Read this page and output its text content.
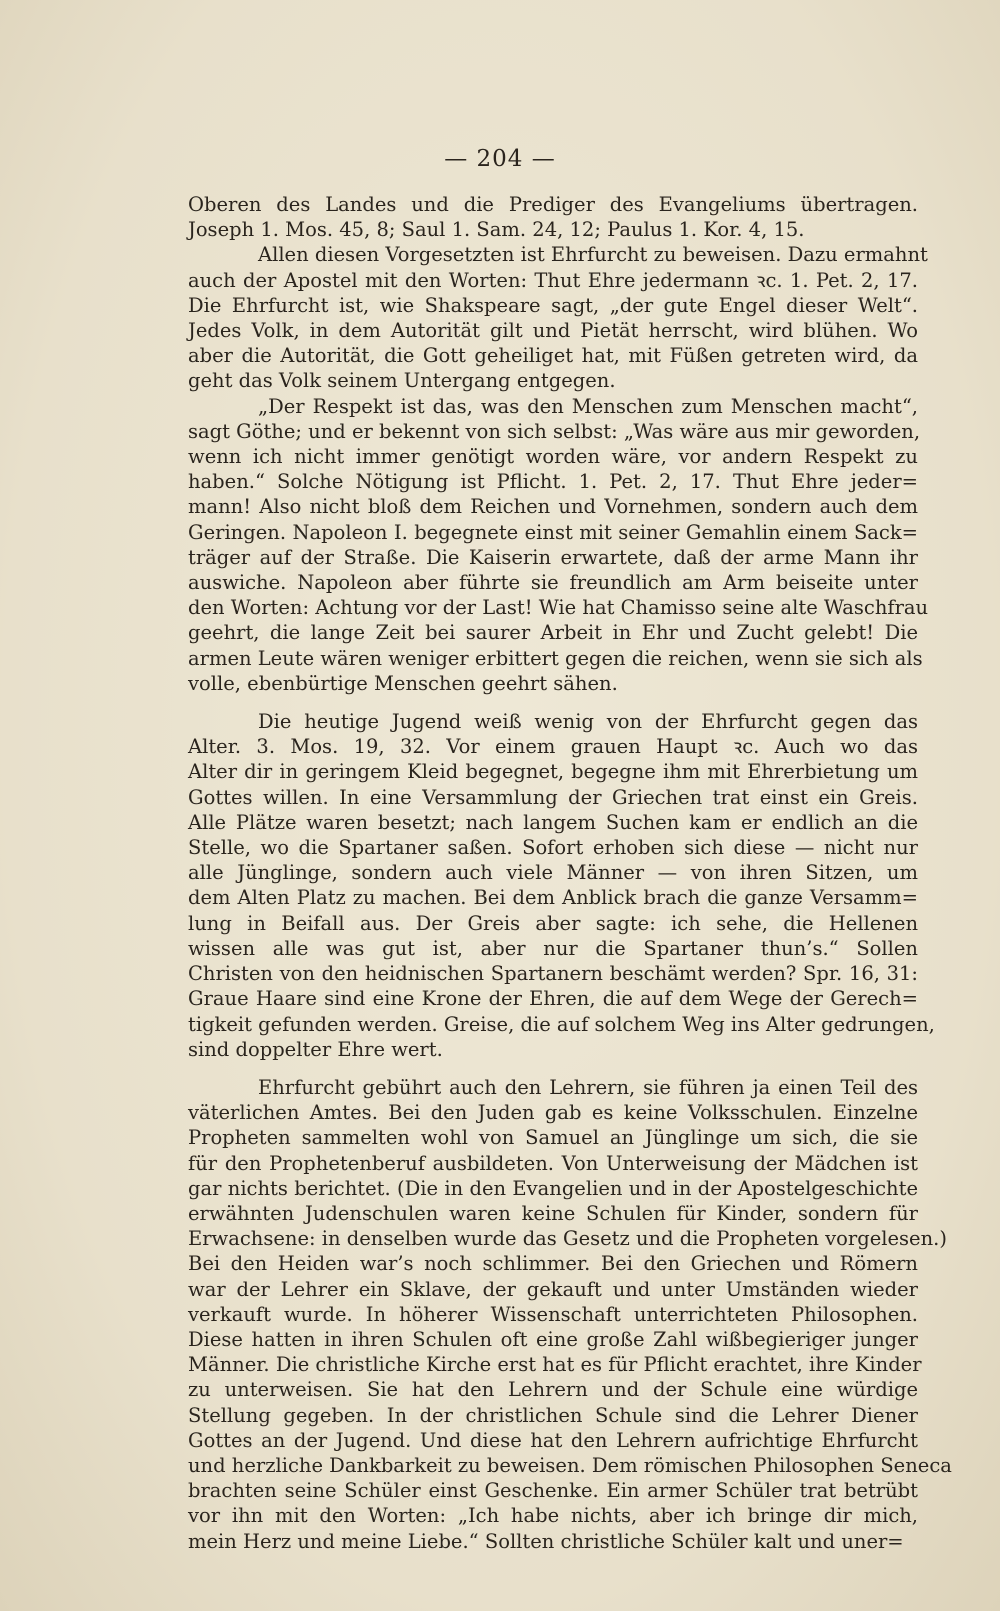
— 204 —
Oberen des Landes und die Prediger des Evangeliums übertragen.
Joseph 1. Mos. 45, 8; Saul 1. Sam. 24, 12; Paulus 1. Kor. 4, 15.
Allen diesen Vorgesetzten ist Ehrfurcht zu beweisen. Dazu ermahnt
auch der Apostel mit den Worten: Thut Ehre jedermann ꝛc. 1. Pet. 2, 17.
Die Ehrfurcht ist, wie Shakspeare sagt, „der gute Engel dieser Welt“.
Jedes Volk, in dem Autorität gilt und Pietät herrscht, wird blühen. Wo
aber die Autorität, die Gott geheiliget hat, mit Füßen getreten wird, da
geht das Volk seinem Untergang entgegen.
„Der Respekt ist das, was den Menschen zum Menschen macht“,
sagt Göthe; und er bekennt von sich selbst: „Was wäre aus mir geworden,
wenn ich nicht immer genötigt worden wäre, vor andern Respekt zu
haben.“ Solche Nötigung ist Pflicht. 1. Pet. 2, 17. Thut Ehre jeder=
mann! Also nicht bloß dem Reichen und Vornehmen, sondern auch dem
Geringen. Napoleon I. begegnete einst mit seiner Gemahlin einem Sack=
träger auf der Straße. Die Kaiserin erwartete, daß der arme Mann ihr
auswiche. Napoleon aber führte sie freundlich am Arm beiseite unter
den Worten: Achtung vor der Last! Wie hat Chamisso seine alte Waschfrau
geehrt, die lange Zeit bei saurer Arbeit in Ehr und Zucht gelebt! Die
armen Leute wären weniger erbittert gegen die reichen, wenn sie sich als
volle, ebenbürtige Menschen geehrt sähen.
Die heutige Jugend weiß wenig von der Ehrfurcht gegen das
Alter. 3. Mos. 19, 32. Vor einem grauen Haupt ꝛc. Auch wo das
Alter dir in geringem Kleid begegnet, begegne ihm mit Ehrerbietung um
Gottes willen. In eine Versammlung der Griechen trat einst ein Greis.
Alle Plätze waren besetzt; nach langem Suchen kam er endlich an die
Stelle, wo die Spartaner saßen. Sofort erhoben sich diese — nicht nur
alle Jünglinge, sondern auch viele Männer — von ihren Sitzen, um
dem Alten Platz zu machen. Bei dem Anblick brach die ganze Versamm=
lung in Beifall aus. Der Greis aber sagte: ich sehe, die Hellenen
wissen alle was gut ist, aber nur die Spartaner thun’s.“ Sollen
Christen von den heidnischen Spartanern beschämt werden? Spr. 16, 31:
Graue Haare sind eine Krone der Ehren, die auf dem Wege der Gerech=
tigkeit gefunden werden. Greise, die auf solchem Weg ins Alter gedrungen,
sind doppelter Ehre wert.
Ehrfurcht gebührt auch den Lehrern, sie führen ja einen Teil des
väterlichen Amtes. Bei den Juden gab es keine Volksschulen. Einzelne
Propheten sammelten wohl von Samuel an Jünglinge um sich, die sie
für den Prophetenberuf ausbildeten. Von Unterweisung der Mädchen ist
gar nichts berichtet. (Die in den Evangelien und in der Apostelgeschichte
erwähnten Judenschulen waren keine Schulen für Kinder, sondern für
Erwachsene: in denselben wurde das Gesetz und die Propheten vorgelesen.)
Bei den Heiden war’s noch schlimmer. Bei den Griechen und Römern
war der Lehrer ein Sklave, der gekauft und unter Umständen wieder
verkauft wurde. In höherer Wissenschaft unterrichteten Philosophen.
Diese hatten in ihren Schulen oft eine große Zahl wißbegieriger junger
Männer. Die christliche Kirche erst hat es für Pflicht erachtet, ihre Kinder
zu unterweisen. Sie hat den Lehrern und der Schule eine würdige
Stellung gegeben. In der christlichen Schule sind die Lehrer Diener
Gottes an der Jugend. Und diese hat den Lehrern aufrichtige Ehrfurcht
und herzliche Dankbarkeit zu beweisen. Dem römischen Philosophen Seneca
brachten seine Schüler einst Geschenke. Ein armer Schüler trat betrübt
vor ihn mit den Worten: „Ich habe nichts, aber ich bringe dir mich,
mein Herz und meine Liebe.“ Sollten christliche Schüler kalt und uner=
